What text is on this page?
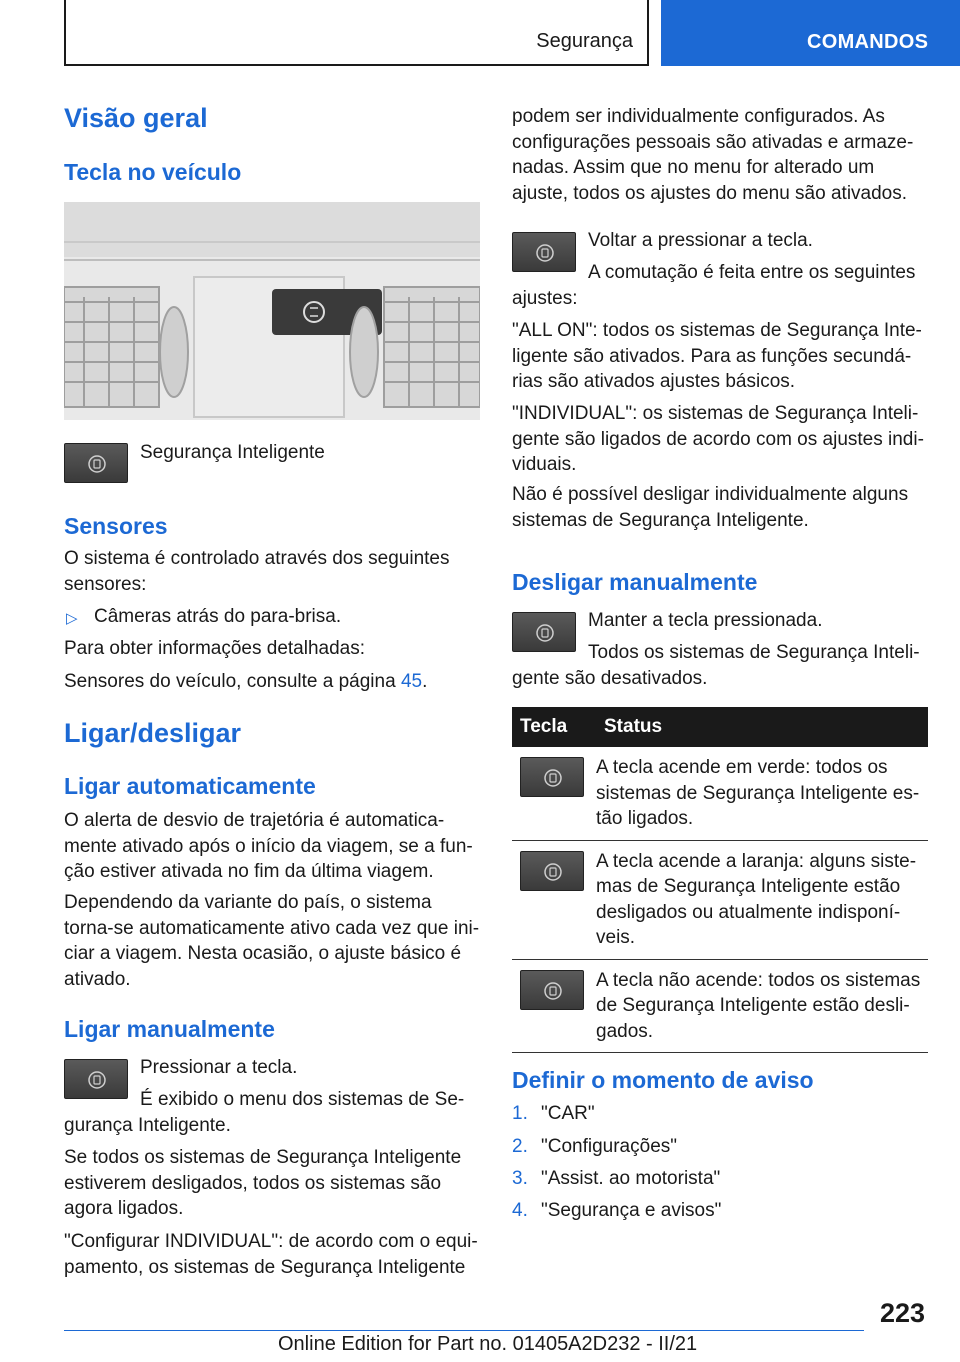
Segurança	COMANDOS
Visão geral
Tecla no veículo
Segurança Inteligente
Sensores
O sistema é controlado através dos seguintes sensores:
▷ Câmeras atrás do para-brisa.
Para obter informações detalhadas:
Sensores do veículo, consulte a página 45.
Ligar/desligar
Ligar automaticamente
O alerta de desvio de trajetória é automatica-mente ativado após o início da viagem, se a fun-ção estiver ativada no fim da última viagem.
Dependendo da variante do país, o sistema torna-se automaticamente ativo cada vez que ini-ciar a viagem. Nesta ocasião, o ajuste básico é ativado.
Ligar manualmente
Pressionar a tecla.
É exibido o menu dos sistemas de Se-gurança Inteligente.
Se todos os sistemas de Segurança Inteligente estiverem desligados, todos os sistemas são agora ligados.
"Configurar INDIVIDUAL": de acordo com o equi-pamento, os sistemas de Segurança Inteligente
podem ser individualmente configurados. As configurações pessoais são ativadas e armaze-nadas. Assim que no menu for alterado um ajuste, todos os ajustes do menu são ativados.
Voltar a pressionar a tecla.
A comutação é feita entre os seguintes ajustes:
"ALL ON": todos os sistemas de Segurança Inte-ligente são ativados. Para as funções secundá-rias são ativados ajustes básicos.
"INDIVIDUAL": os sistemas de Segurança Inteli-gente são ligados de acordo com os ajustes indi-viduais.
Não é possível desligar individualmente alguns sistemas de Segurança Inteligente.
Desligar manualmente
Manter a tecla pressionada.
Todos os sistemas de Segurança Inteli-gente são desativados.
Tecla	Status

	A tecla acende em verde: todos os sistemas de Segurança Inteligente es-tão ligados.

	A tecla acende a laranja: alguns siste-mas de Segurança Inteligente estão desligados ou atualmente indisponí-veis.

	A tecla não acende: todos os sistemas de Segurança Inteligente estão desli-gados.
Definir o momento de aviso
1. "CAR"
2. "Configurações"
3. "Assist. ao motorista"
4. "Segurança e avisos"
223
Online Edition for Part no. 01405A2D232 - II/21
